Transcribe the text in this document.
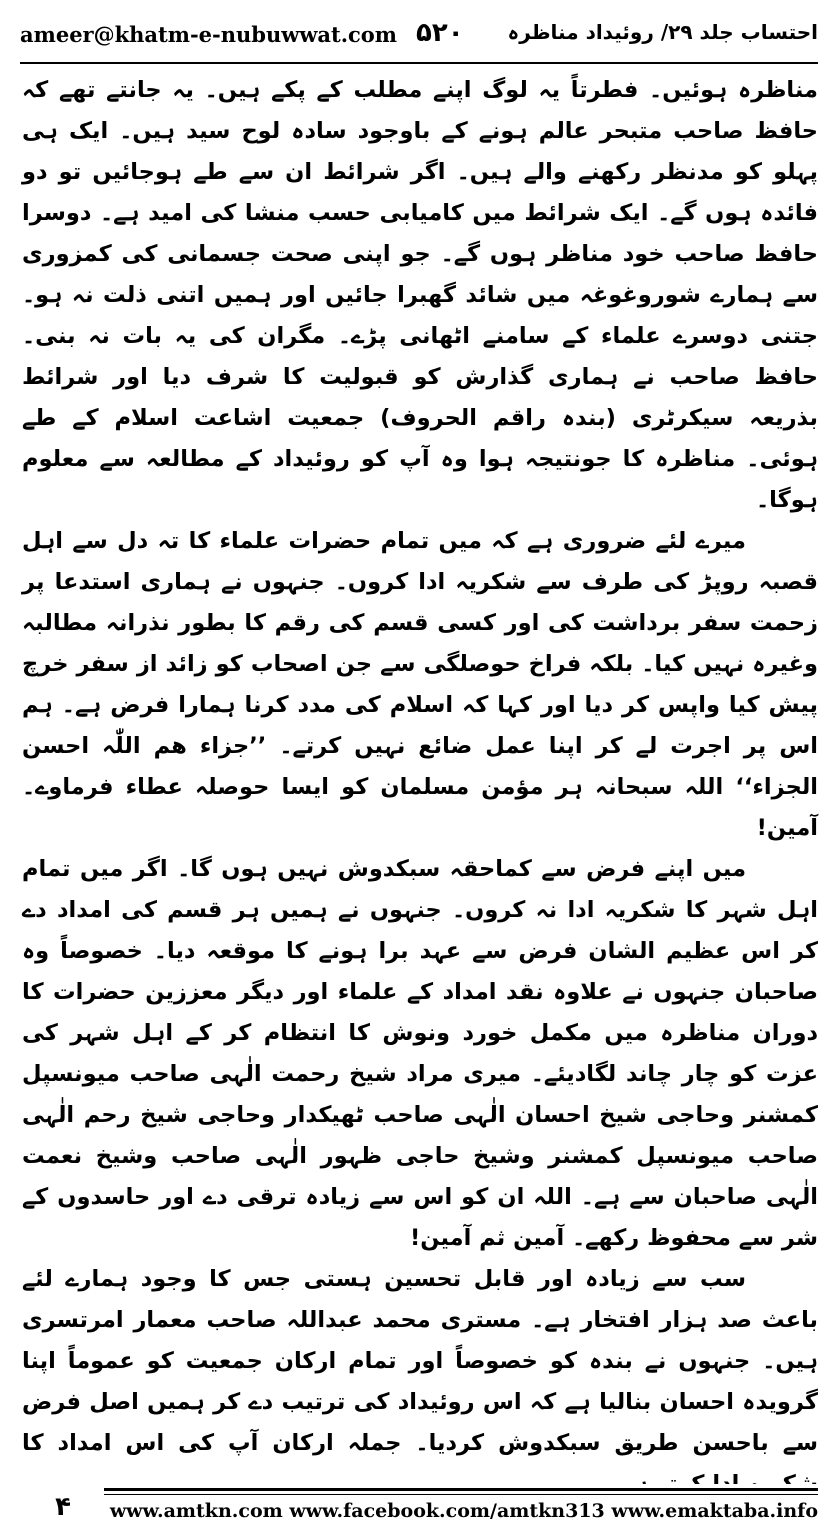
ameer@khatm-e-nubuwwat.com ۵۲۰ احتساب جلد ۲۹/ روئیداد مناظرہ

مناظرہ ہوئیں۔ فطرتاً یہ لوگ اپنے مطلب کے پکے ہیں۔ یہ جانتے تھے کہ حافظ صاحب متبحر عالم ہونے کے باوجود سادہ لوح سید ہیں۔ ایک ہی پہلو کو مدنظر رکھنے والے ہیں۔ اگر شرائط ان سے طے ہوجائیں تو دو فائدہ ہوں گے۔ ایک شرائط میں کامیابی حسب منشا کی امید ہے۔ دوسرا حافظ صاحب خود مناظر ہوں گے۔ جو اپنی صحت جسمانی کی کمزوری سے ہمارے شوروغوغہ میں شائد گھبرا جائیں اور ہمیں اتنی ذلت نہ ہو۔ جتنی دوسرے علماء کے سامنے اٹھانی پڑے۔ مگران کی یہ بات نہ بنی۔ حافظ صاحب نے ہماری گذارش کو قبولیت کا شرف دیا اور شرائط بذریعہ سیکرٹری (بندہ راقم الحروف) جمعیت اشاعت اسلام کے طے ہوئی۔ مناظرہ کا جونتیجہ ہوا وہ آپ کو روئیداد کے مطالعہ سے معلوم ہوگا۔

میرے لئے ضروری ہے کہ میں تمام حضرات علماء کا تہ دل سے اہل قصبہ روپڑ کی طرف سے شکریہ ادا کروں۔ جنہوں نے ہماری استدعا پر زحمت سفر برداشت کی اور کسی قسم کی رقم کا بطور نذرانہ مطالبہ وغیرہ نہیں کیا۔ بلکہ فراخ حوصلگی سے جن اصحاب کو زائد از سفر خرچ پیش کیا واپس کر دیا اور کہا کہ اسلام کی مدد کرنا ہمارا فرض ہے۔ ہم اس پر اجرت لے کر اپنا عمل ضائع نہیں کرتے۔ ’’جزاء ھم اللّٰہ احسن الجزاء‘‘ اللہ سبحانہ ہر مؤمن مسلمان کو ایسا حوصلہ عطاء فرماوے۔ آمین!

میں اپنے فرض سے کماحقہ سبکدوش نہیں ہوں گا۔ اگر میں تمام اہل شہر کا شکریہ ادا نہ کروں۔ جنہوں نے ہمیں ہر قسم کی امداد دے کر اس عظیم الشان فرض سے عہد برا ہونے کا موقعہ دیا۔ خصوصاً وہ صاحبان جنہوں نے علاوہ نقد امداد کے علماء اور دیگر معززین حضرات کا دوران مناظرہ میں مکمل خورد ونوش کا انتظام کر کے اہل شہر کی عزت کو چار چاند لگادیئے۔ میری مراد شیخ رحمت الٰہی صاحب میونسپل کمشنر وحاجی شیخ احسان الٰہی صاحب ٹھیکدار وحاجی شیخ رحم الٰہی صاحب میونسپل کمشنر وشیخ حاجی ظہور الٰہی صاحب وشیخ نعمت الٰہی صاحبان سے ہے۔ اللہ ان کو اس سے زیادہ ترقی دے اور حاسدوں کے شر سے محفوظ رکھے۔ آمین ثم آمین!

سب سے زیادہ اور قابل تحسین ہستی جس کا وجود ہمارے لئے باعث صد ہزار افتخار ہے۔ مستری محمد عبداللہ صاحب معمار امرتسری ہیں۔ جنہوں نے بندہ کو خصوصاً اور تمام ارکان جمعیت کو عموماً اپنا گرویدہ احسان بنالیا ہے کہ اس روئیداد کی ترتیب دے کر ہمیں اصل فرض سے باحسن طریق سبکدوش کردیا۔ جملہ ارکان آپ کی اس امداد کا

۴	www.amtkn.com www.facebook.com/amtkn313 www.emaktaba.info
